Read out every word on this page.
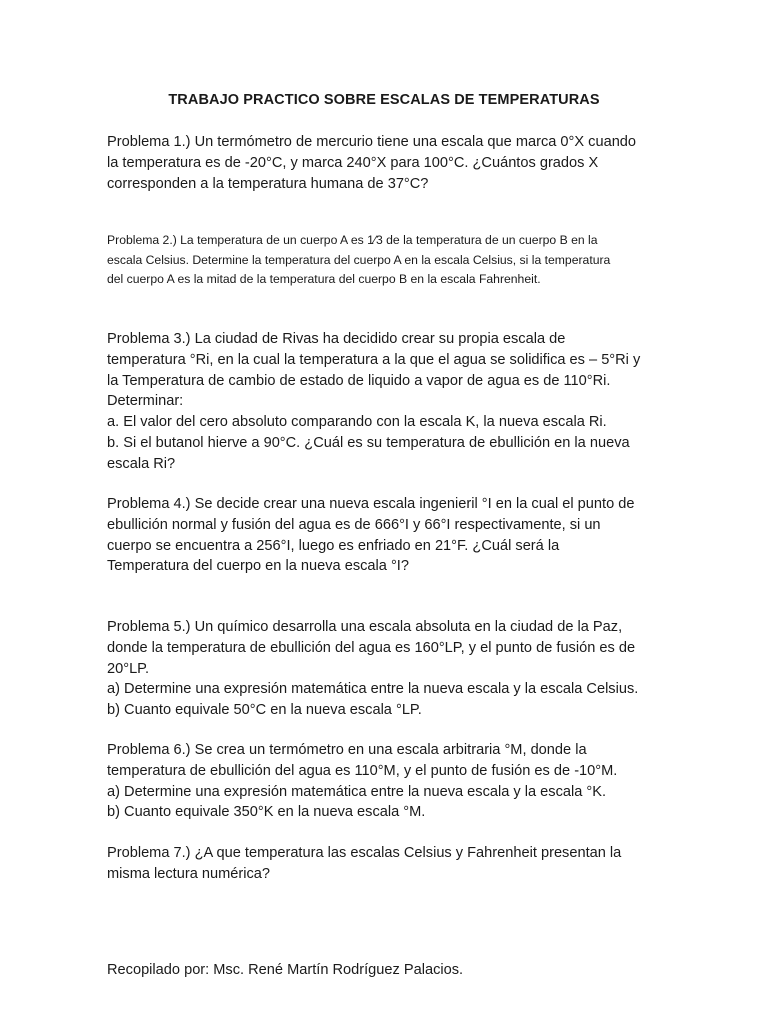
TRABAJO PRACTICO SOBRE ESCALAS DE TEMPERATURAS

Problema 1.) Un termómetro de mercurio tiene una escala que marca 0°X cuando
la temperatura es de -20°C, y marca 240°X para 100°C. ¿Cuántos grados X
corresponden a la temperatura humana de 37°C?

Problema 2.) La temperatura de un cuerpo A es 1⁄3 de la temperatura de un cuerpo B en la
escala Celsius. Determine la temperatura del cuerpo A en la escala Celsius, si la temperatura
del cuerpo A es la mitad de la temperatura del cuerpo B en la escala Fahrenheit.

Problema 3.) La ciudad de Rivas ha decidido crear su propia escala de
temperatura °Ri, en la cual la temperatura a la que el agua se solidifica es – 5°Ri y
la Temperatura de cambio de estado de liquido a vapor de agua es de 110°Ri.
Determinar:
a. El valor del cero absoluto comparando con la escala K, la nueva escala Ri.
b. Si el butanol hierve a 90°C. ¿Cuál es su temperatura de ebullición en la nueva
escala Ri?

Problema 4.) Se decide crear una nueva escala ingenieril °I en la cual el punto de
ebullición normal y fusión del agua es de 666°I y 66°I respectivamente, si un
cuerpo se encuentra a 256°I, luego es enfriado en 21°F. ¿Cuál será la
Temperatura del cuerpo en la nueva escala °I?

Problema 5.) Un químico desarrolla una escala absoluta en la ciudad de la Paz,
donde la temperatura de ebullición del agua es 160°LP, y el punto de fusión es de
20°LP.
a) Determine una expresión matemática entre la nueva escala y la escala Celsius.
b) Cuanto equivale 50°C en la nueva escala °LP.

Problema 6.) Se crea un termómetro en una escala arbitraria °M, donde la
temperatura de ebullición del agua es 110°M, y el punto de fusión es de -10°M.
a) Determine una expresión matemática entre la nueva escala y la escala °K.
b) Cuanto equivale 350°K en la nueva escala °M.

Problema 7.) ¿A que temperatura las escalas Celsius y Fahrenheit presentan la
misma lectura numérica?

Recopilado por: Msc. René Martín Rodríguez Palacios.
